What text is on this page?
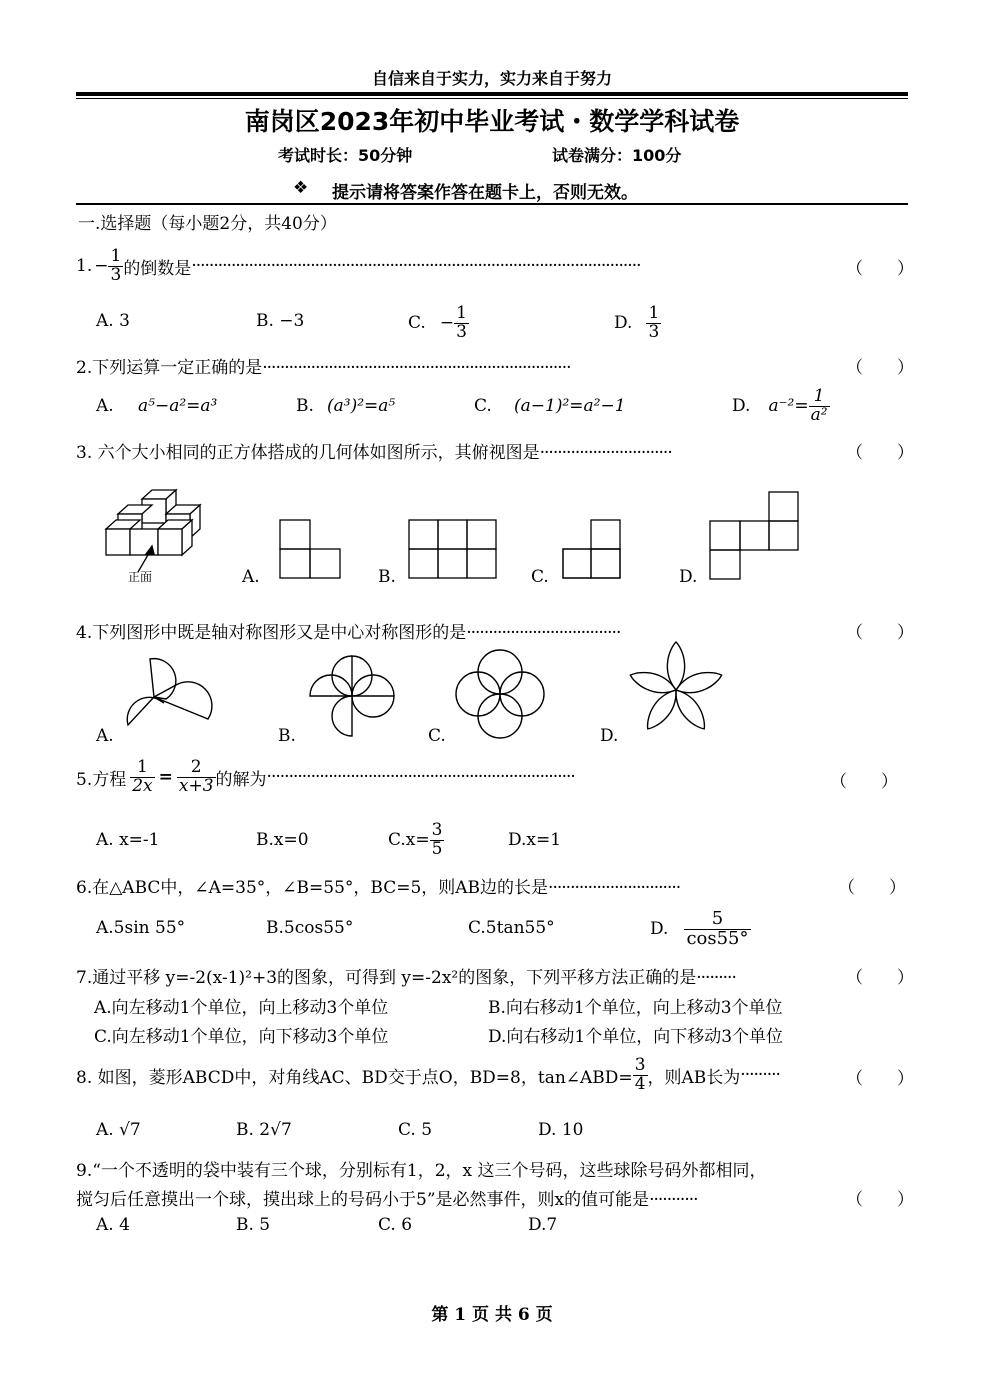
自信来自于实力，实力来自于努力
南岗区2023年初中毕业考试・数学学科试卷
考试时长：50分钟	试卷满分：100分
❖ 提示请将答案作答在题卡上，否则无效。
一.选择题（每小题2分，共40分）
1. − $\frac{1}{3}$ 的倒数是 ······································································································	（　　）
A. 3	B. −3	C. − $\frac{1}{3}$	D. $\frac{1}{3}$
2.下列运算一定正确的是······································································	（　　）
A. a⁵−a²=a³	B. (a³)²=a⁵	C. (a−1)²=a²−1	D. $a^{-2}= \frac{1}{\text{a²}}$
3. 六个大小相同的正方体搭成的几何体如图所示，其俯视图是······························	（　　）
正面	A.	B.	C.	D.
4.下列图形中既是轴对称图形又是中心对称图形的是···································	（　　）
A.	B.	C.	D.
5.方程 $\frac{1}{2x} = \frac{2}{x+3}$ 的解为 ······································································	（　　）
A. x=-1	B.x=0	$C.x= \frac{3}{5}$	D.x=1
6.在△ABC中，∠A=35°，∠B=55°，BC=5，则AB边的长是······························	（　　）
A.5sin 55°	B.5cos55°	C.5tan55°	D. $\frac{5}{\cos 55^\circ}$
7.通过平移 y=-2(x-1)²+3的图象，可得到 y=-2x²的图象，下列平移方法正确的是·········	（　　）
A.向左移动1个单位，向上移动3个单位	B.向右移动1个单位，向上移动3个单位
C.向左移动1个单位，向下移动3个单位	D.向右移动1个单位，向下移动3个单位
8. 如图，菱形ABCD中，对角线AC、BD交于点O，BD=8，tan∠ABD= $\frac{3}{4}$ ，则AB长为 ·········	（　　）
A. √7	B. 2√7	C. 5	D. 10
9.“一个不透明的袋中装有三个球，分别标有1，2，x 这三个号码，这些球除号码外都相同，
搅匀后任意摸出一个球，摸出球上的号码小于5”是必然事件，则x的值可能是···········	（　　）
A. 4	B. 5	C. 6	D.7
第 1 页 共 6 页
